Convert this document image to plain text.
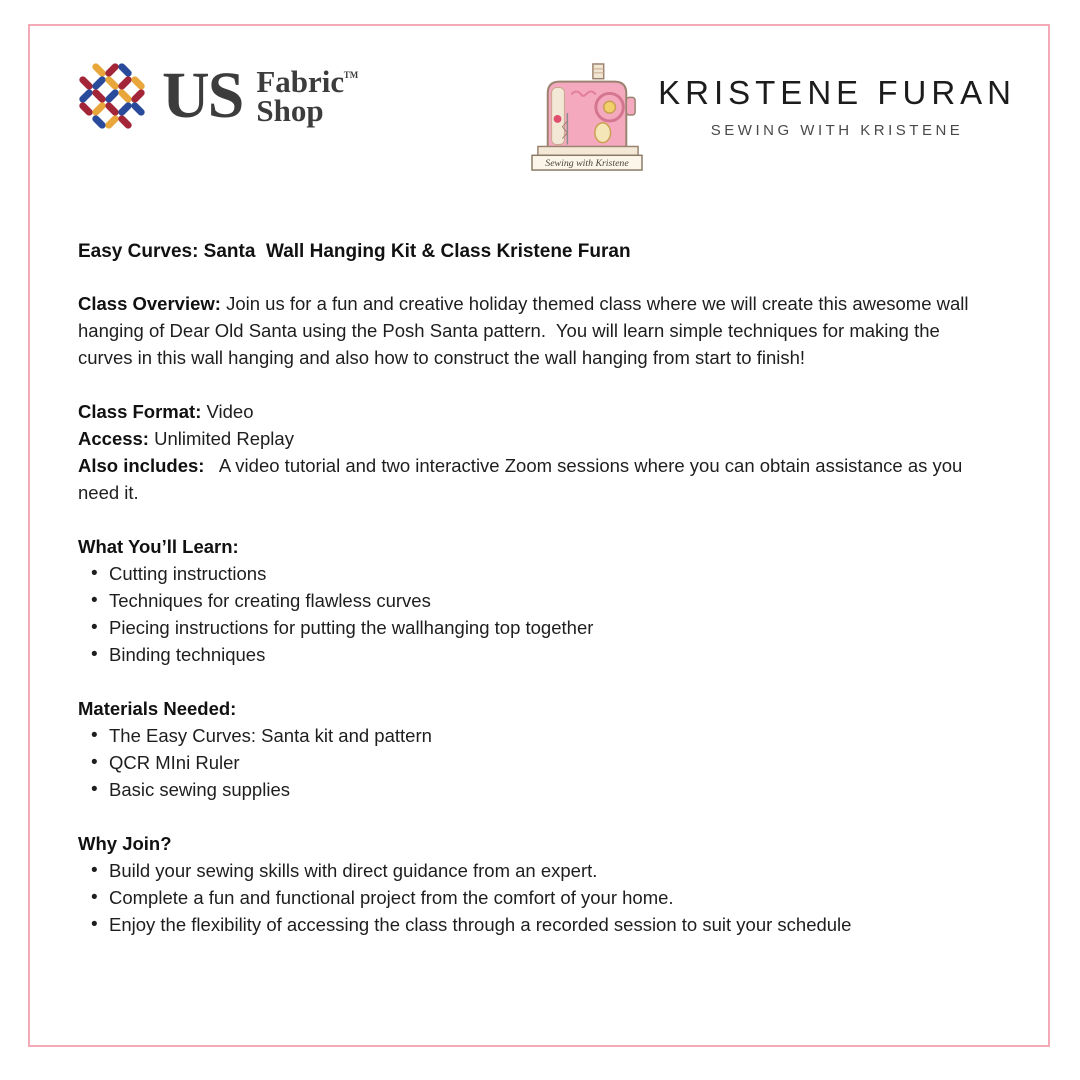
US	TM
Fabric
Shop
Sewing with Kristene
KRISTENE FURAN
SEWING WITH KRISTENE
Easy Curves: Santa  Wall Hanging Kit & Class Kristene Furan

Class Overview: Join us for a fun and creative holiday themed class where we will create this awesome wall hanging of Dear Old Santa using the Posh Santa pattern.  You will learn simple techniques for making the curves in this wall hanging and also how to construct the wall hanging from start to finish!

Class Format: Video

Access: Unlimited Replay

Also includes:   A video tutorial and two interactive Zoom sessions where you can obtain assistance as you need it.

What You’ll Learn:
• Cutting instructions
• Techniques for creating flawless curves
• Piecing instructions for putting the wallhanging top together
• Binding techniques
Materials Needed:
• The Easy Curves: Santa kit and pattern
• QCR MIni Ruler
• Basic sewing supplies
Why Join?
• Build your sewing skills with direct guidance from an expert.
• Complete a fun and functional project from the comfort of your home.
• Enjoy the flexibility of accessing the class through a recorded session to suit your schedule
